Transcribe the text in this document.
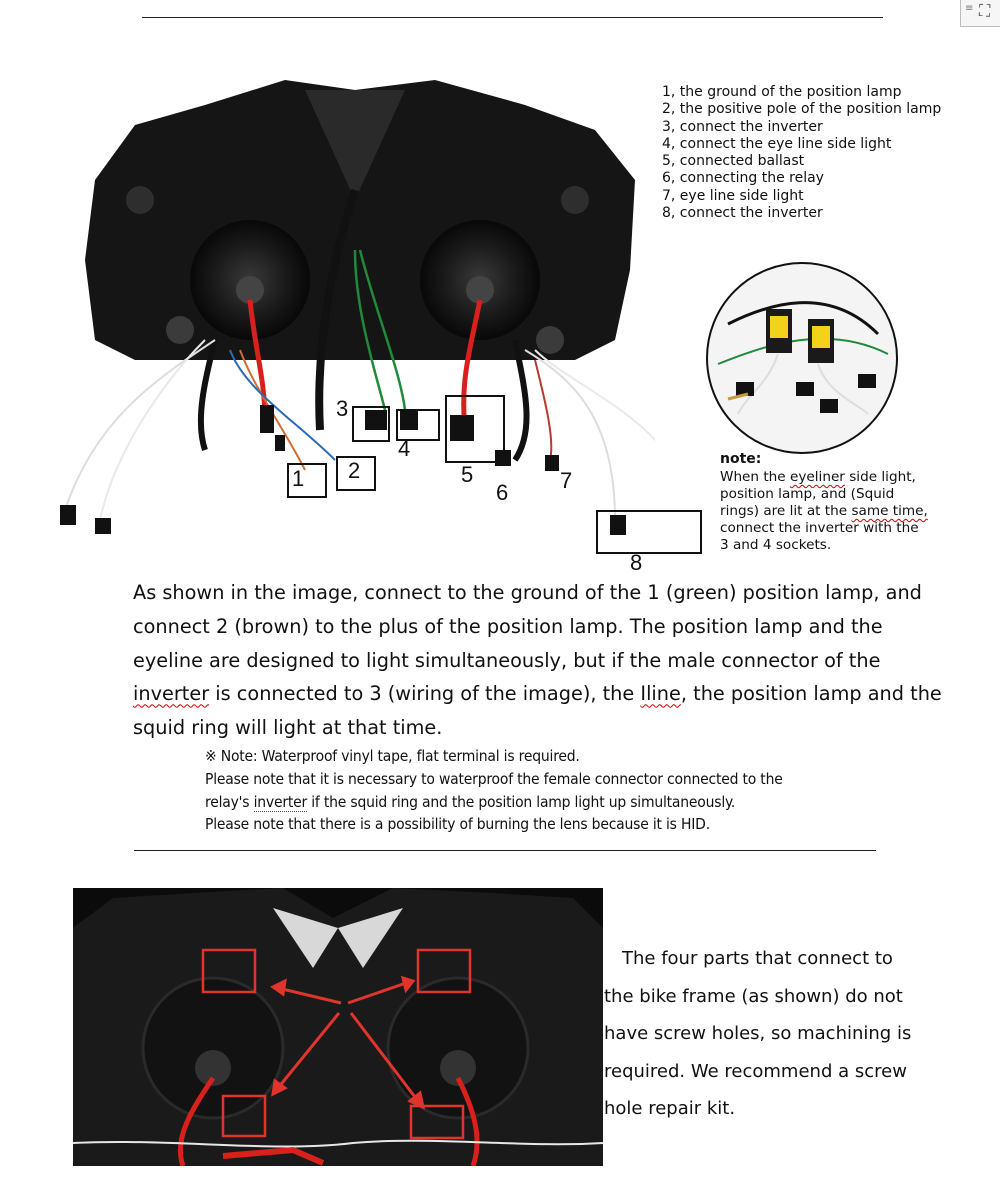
≡ ⛶
1 2
3
4
5
6 7
8
1, the ground of the position lamp
2, the positive pole of the position lamp
3, connect the inverter
4, connect the eye line side light
5, connected ballast
6, connecting the relay
7, eye line side light
8, connect the inverter
note:
When the eyeliner side light,
position lamp, and (Squid
rings) are lit at the same time,
connect the inverter with the
3 and 4 sockets.
As shown in the image, connect to the ground of the 1 (green) position lamp, and connect 2 (brown) to the plus of the position lamp. The position lamp and the eyeline are designed to light simultaneously, but if the male connector of the inverter is connected to 3 (wiring of the image), the Iline, the position lamp and the squid ring will light at that time.
※ Note: Waterproof vinyl tape, flat terminal is required.
Please note that it is necessary to waterproof the female connector connected to the
relay's inverter if the squid ring and the position lamp light up simultaneously.
Please note that there is a possibility of burning the lens because it is HID.
The four parts that connect to
the bike frame (as shown) do not
have screw holes, so machining is
required. We recommend a screw
hole repair kit.
